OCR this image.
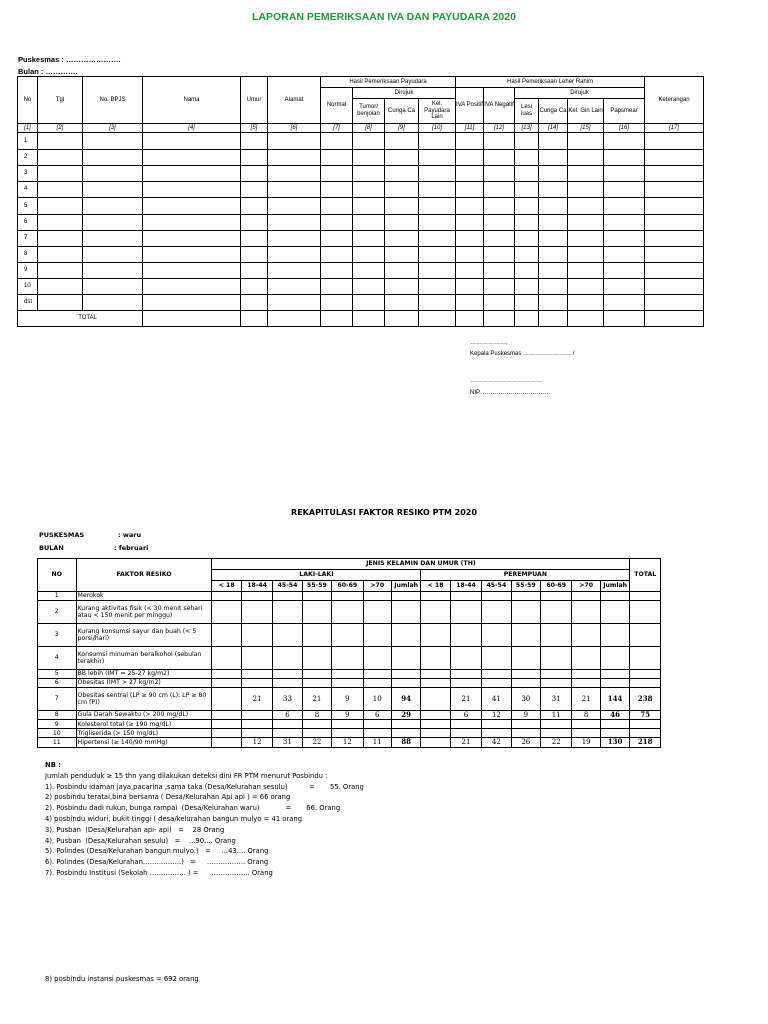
LAPORAN PEMERIKSAAN IVA DAN PAYUDARA 2020
Puskesmas : ………………….
Bulan : ………….
No	Tgl	No. BPJS	Nama	Umur	Alamat	Hasil Pemeriksaan Payudara				Hasil Pemeriksaan Leher Rahim						Keterangan
						Normal	Dirujuk			IVA Positif	IVA Negatif	Dirujuk				
							Tumor/ benjolan	Curiga Ca	Kel. Payudara Lain			Lesi luas	Curiga Ca	Kel. Gin Lain	Papsmear	
[1]	[2]	[3]	[4]	[5]	[6]	[7]	[8]	[9]	[10]	[11]	[12]	[13]	[14]	[15]	[16]	[17]
1																
2																
3																
4																
5																
6																
7																
8																
9																
10																
dst																
TOTAL																
………………,
Kepala Puskesmas …………………… /
………………………………
NIP. ……………………………
REKAPITULASI FAKTOR RESIKO PTM 2020
PUSKESMAS	: waru
BULAN	: februari
NO	FAKTOR RESIKO	JENIS KELAMIN DAN UMUR (TH)														TOTAL
		LAKI-LAKI							PEREMPUAN							
		< 18	18-44	45-54	55-59	60-69	>70	Jumlah	< 18	18-44	45-54	55-59	60-69	>70	Jumlah	
1	Merokok															
2	Kurang aktivitas fisik (< 30 menit sehari atau < 150 menit per minggu)															
3	Kurang konsumsi sayur dan buah (< 5 porsi/hari)															
4	Konsumsi minuman beralkohol (sebulan terakhir)															
5	BB lebih (IMT = 25-27 kg/m2)															
6	Obesitas (IMT > 27 kg/m2)															
7	Obesitas sentral (LP ≥ 90 cm (L); LP ≥ 80 cm (P))		21	33	21	9	10	94		21	41	30	31	21	144	238
8	Gula Darah Sewaktu (> 200 mg/dL)			6	8	9	6	29		6	12	9	11	8	46	75
9	Kolesterol total (≥ 190 mg/dL)															
10	Trigliserida (> 150 mg/dL)															
11	Hipertensi (≥ 140/90 mmHg)		12	31	22	12	11	88		21	42	26	22	19	130	218
NB :
Jumlah penduduk ≥ 15 thn yang dilakukan deteksi dini FR PTM menurut Posbindu :
1). Posbindu idaman jaya,pacarina ,sama taka (Desa/Kelurahan sesulu)          =       55. Orang
2) posbindu teratai,bina bersama ( Desa/Kelurahan Api api ) = 66 orang
2). Posbindu dadi rukun, bunga rampai  (Desa/Kelurahan waru)            =       66. Orang
4) posbindu widuri, bukit tinggi ( desa/kelurahan bangun mulyo = 41 orang
3). Pusban  (Desa/Kelurahan api- api)   =    28 Orang
4). Pusban  (Desa/Kelurahan sesulu)   =    ...90.... Orang
5). Polindes (Desa/Kelurahan bangun mulyo.)   =     ...43.... Orang
6). Polindes (Desa/Kelurahan……………..)   =     …………….. Orang
7). Posbindu Institusi (Sekolah ……………. ) =      …………….. Orang
8) posbindu instansi puskesmas = 692 orang
